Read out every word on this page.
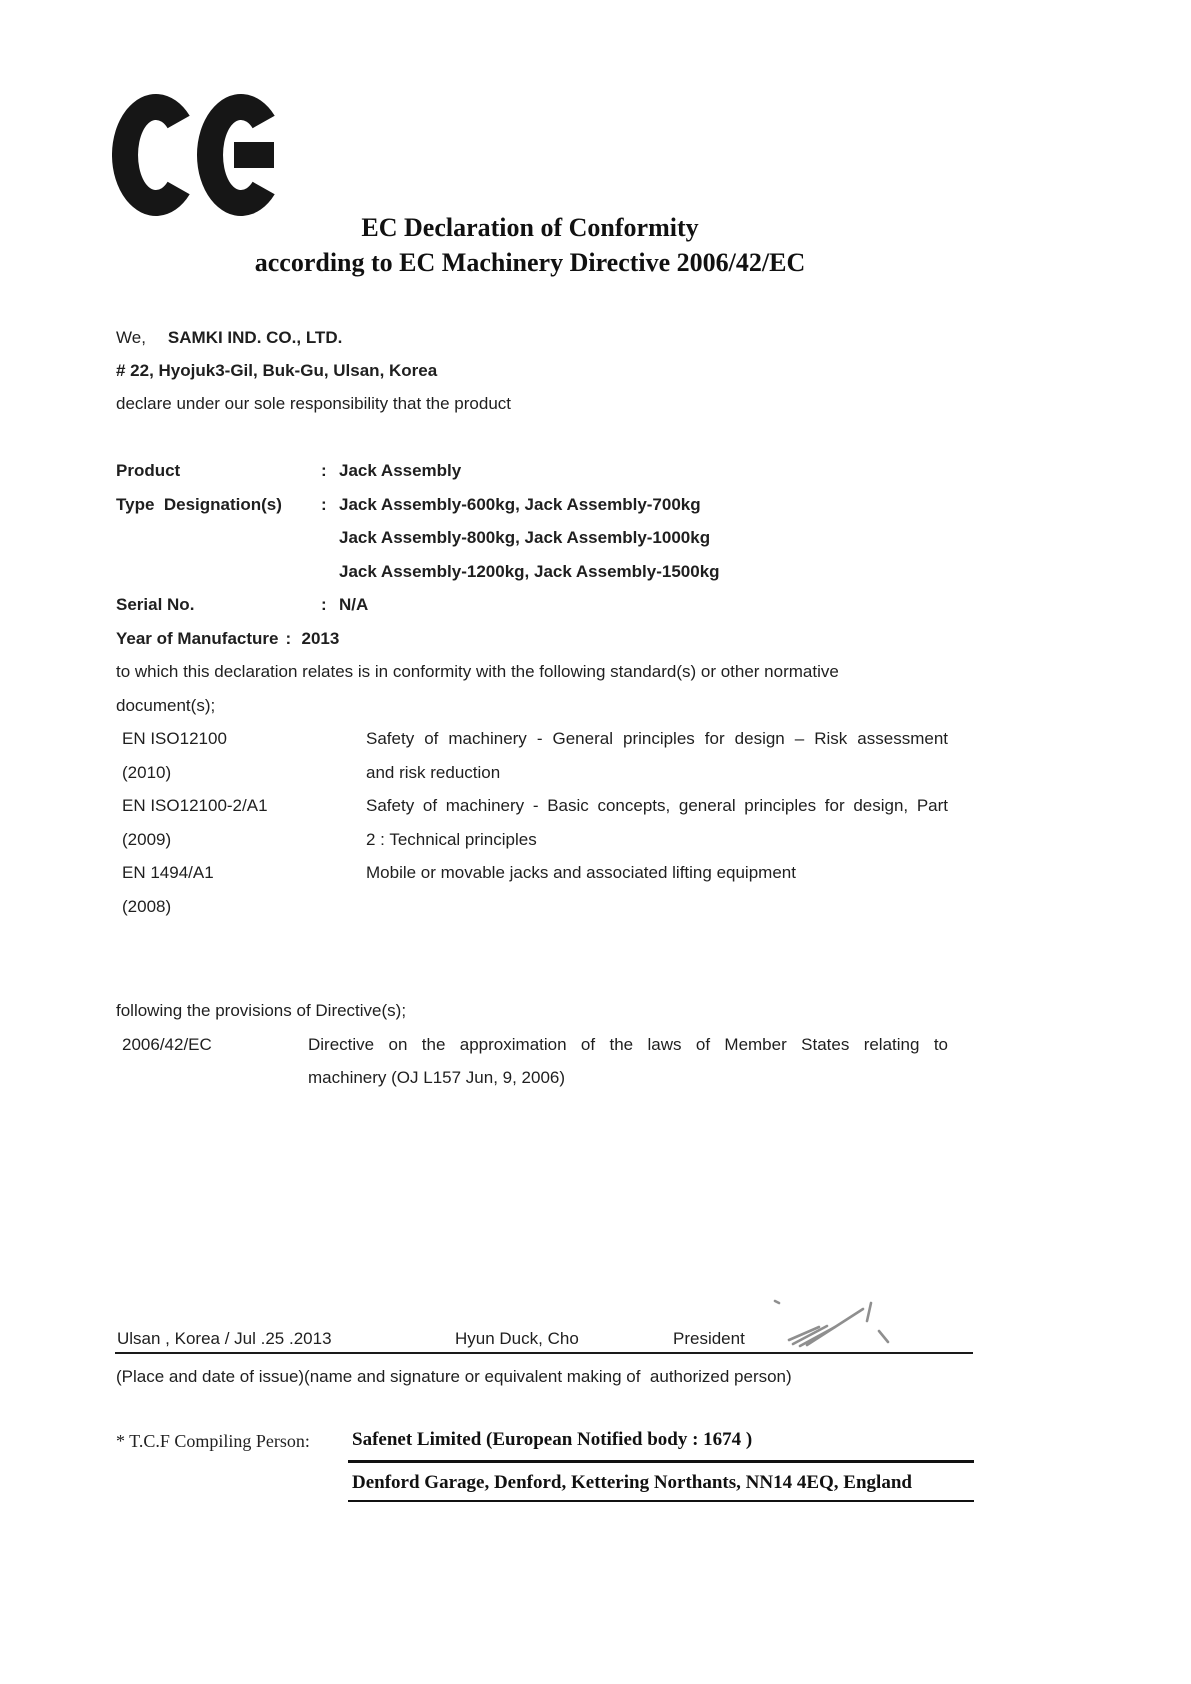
EC Declaration of Conformity
according to EC Machinery Directive 2006/42/EC
We, SAMKI IND. CO., LTD.
# 22, Hyojuk3-Gil, Buk-Gu, Ulsan, Korea
declare under our sole responsibility that the product
Product	: Jack Assembly
Type  Designation(s)	: Jack Assembly-600kg, Jack Assembly-700kg
Jack Assembly-800kg, Jack Assembly-1000kg
Jack Assembly-1200kg, Jack Assembly-1500kg
Serial No.	: N/A
Year of Manufacture : 2013
to which this declaration relates is in conformity with the following standard(s) or other normative document(s);
EN ISO12100	Safety of machinery - General principles for design – Risk assessment
(2010)	and risk reduction
EN ISO12100-2/A1	Safety of machinery - Basic concepts, general principles for design, Part
(2009)	2 : Technical principles
EN 1494/A1	Mobile or movable jacks and associated lifting equipment
(2008)
following the provisions of Directive(s);
2006/42/EC	Directive on the approximation of the laws of Member States relating to
machinery (OJ L157 Jun, 9, 2006)
Ulsan , Korea / Jul .25 .2013	Hyun Duck, Cho	President
(Place and date of issue)(name and signature or equivalent making of  authorized person)
* T.C.F Compiling Person:	Safenet Limited (European Notified body : 1674 )
Denford Garage, Denford, Kettering Northants, NN14 4EQ, England
